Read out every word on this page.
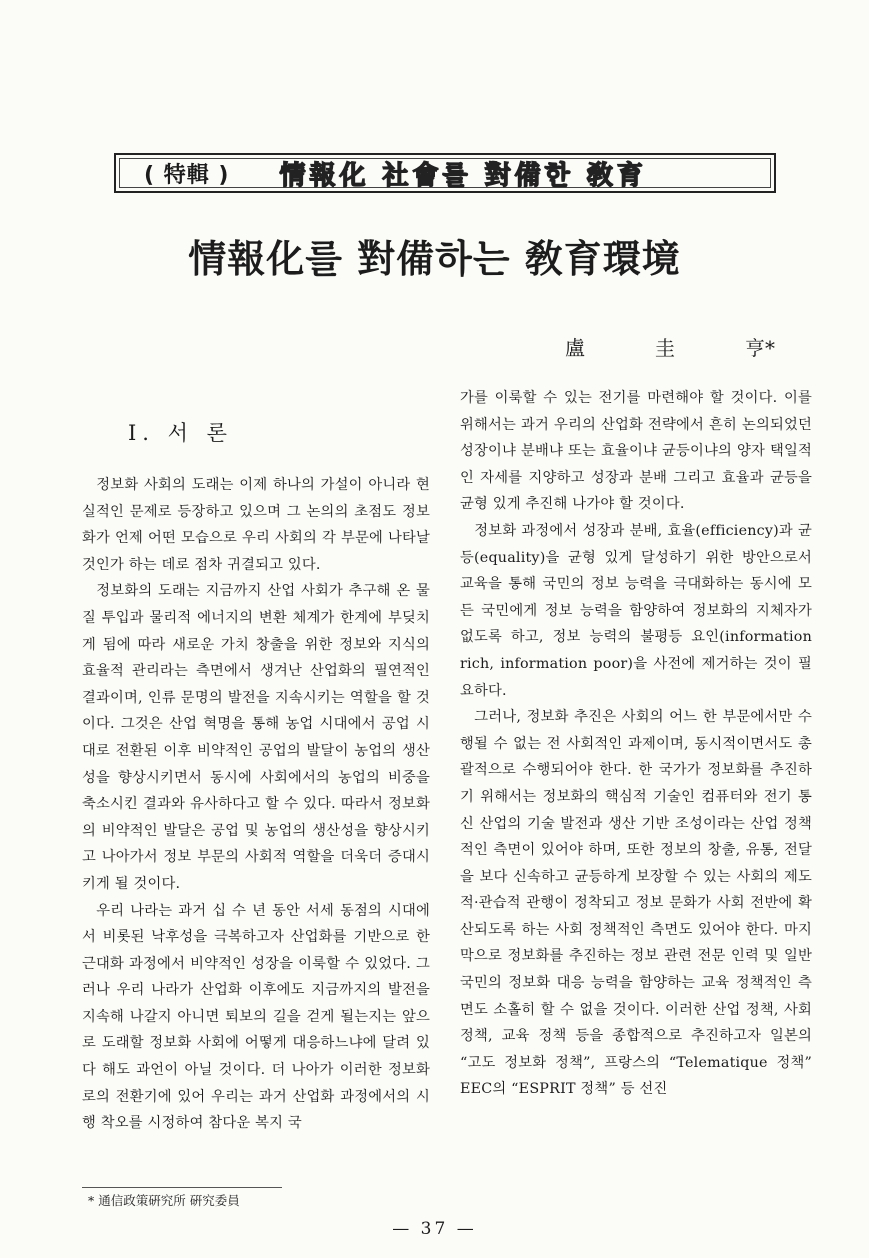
( 特輯 ) 情報化 社會를 對備한 敎育
情報化를 對備하는 敎育環境
盧	圭	亨*
I. 서 론

정보화 사회의 도래는 이제 하나의 가설이 아니라 현실적인 문제로 등장하고 있으며 그 논의의 초점도 정보화가 언제 어떤 모습으로 우리 사회의 각 부문에 나타날 것인가 하는 데로 점차 귀결되고 있다.

정보화의 도래는 지금까지 산업 사회가 추구해 온 물질 투입과 물리적 에너지의 변환 체계가 한계에 부딪치게 됨에 따라 새로운 가치 창출을 위한 정보와 지식의 효율적 관리라는 측면에서 생겨난 산업화의 필연적인 결과이며, 인류 문명의 발전을 지속시키는 역할을 할 것이다. 그것은 산업 혁명을 통해 농업 시대에서 공업 시대로 전환된 이후 비약적인 공업의 발달이 농업의 생산성을 향상시키면서 동시에 사회에서의 농업의 비중을 축소시킨 결과와 유사하다고 할 수 있다. 따라서 정보화의 비약적인 발달은 공업 및 농업의 생산성을 향상시키고 나아가서 정보 부문의 사회적 역할을 더욱더 증대시키게 될 것이다.

우리 나라는 과거 십 수 년 동안 서세 동점의 시대에서 비롯된 낙후성을 극복하고자 산업화를 기반으로 한 근대화 과정에서 비약적인 성장을 이룩할 수 있었다. 그러나 우리 나라가 산업화 이후에도 지금까지의 발전을 지속해 나갈지 아니면 퇴보의 길을 걷게 될는지는 앞으로 도래할 정보화 사회에 어떻게 대응하느냐에 달려 있다 해도 과언이 아닐 것이다. 더 나아가 이러한 정보화로의 전환기에 있어 우리는 과거 산업화 과정에서의 시행 착오를 시정하여 참다운 복지 국

가를 이룩할 수 있는 전기를 마련해야 할 것이다. 이를 위해서는 과거 우리의 산업화 전략에서 흔히 논의되었던 성장이냐 분배냐 또는 효율이냐 균등이냐의 양자 택일적인 자세를 지양하고 성장과 분배 그리고 효율과 균등을 균형 있게 추진해 나가야 할 것이다.

정보화 과정에서 성장과 분배, 효율(efficiency)과 균등(equality)을 균형 있게 달성하기 위한 방안으로서 교육을 통해 국민의 정보 능력을 극대화하는 동시에 모든 국민에게 정보 능력을 함양하여 정보화의 지체자가 없도록 하고, 정보 능력의 불평등 요인(information rich, information poor)을 사전에 제거하는 것이 필요하다.

그러나, 정보화 추진은 사회의 어느 한 부문에서만 수행될 수 없는 전 사회적인 과제이며, 동시적이면서도 총괄적으로 수행되어야 한다. 한 국가가 정보화를 추진하기 위해서는 정보화의 핵심적 기술인 컴퓨터와 전기 통신 산업의 기술 발전과 생산 기반 조성이라는 산업 정책적인 측면이 있어야 하며, 또한 정보의 창출, 유통, 전달을 보다 신속하고 균등하게 보장할 수 있는 사회의 제도적·관습적 관행이 정착되고 정보 문화가 사회 전반에 확산되도록 하는 사회 정책적인 측면도 있어야 한다. 마지막으로 정보화를 추진하는 정보 관련 전문 인력 및 일반 국민의 정보화 대응 능력을 함양하는 교육 정책적인 측면도 소홀히 할 수 없을 것이다. 이러한 산업 정책, 사회 정책, 교육 정책 등을 종합적으로 추진하고자 일본의 “고도 정보화 정책”, 프랑스의 “Telematique 정책” EEC의 “ESPRIT 정책” 등 선진

* 通信政策硏究所 硏究委員
— 37 —
